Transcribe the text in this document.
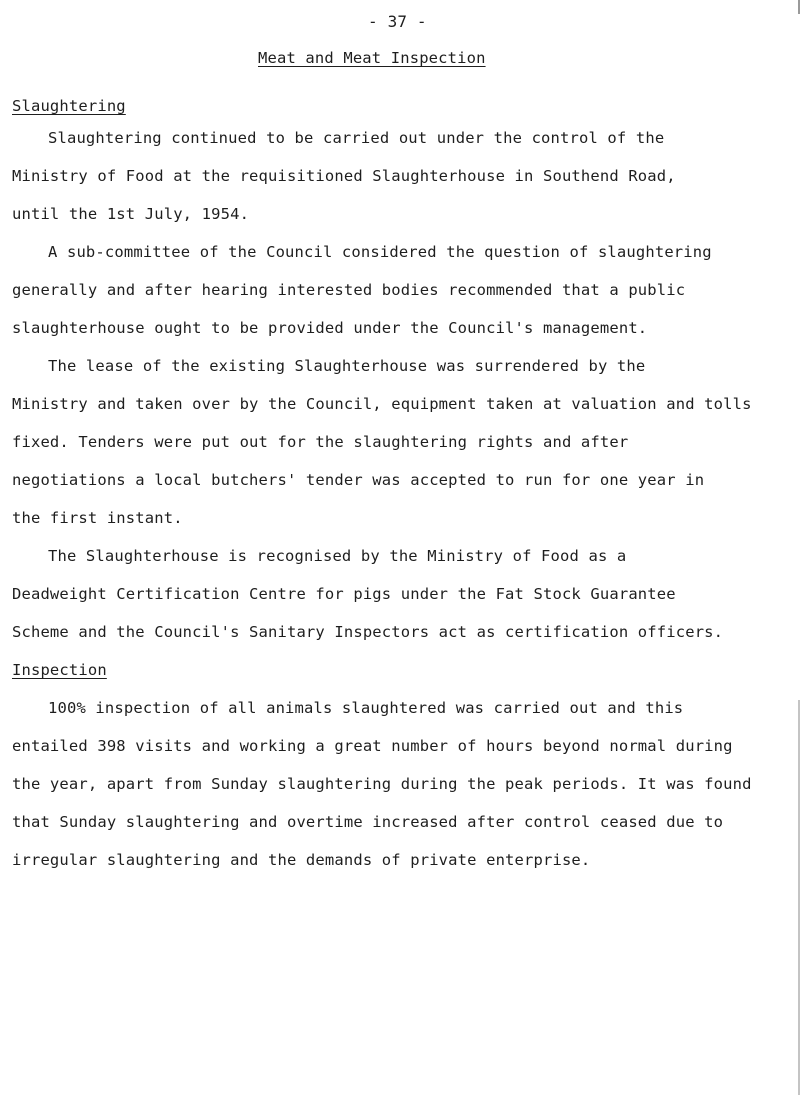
- 37 -
Meat and Meat Inspection
Slaughtering
Slaughtering continued to be carried out under the control of the
Ministry of Food at the requisitioned Slaughterhouse in Southend Road,
until the 1st July, 1954.
A sub-committee of the Council considered the question of slaughtering
generally and after hearing interested bodies recommended that a public
slaughterhouse ought to be provided under the Council's management.
The lease of the existing Slaughterhouse was surrendered by the
Ministry and taken over by the Council, equipment taken at valuation and tolls
fixed. Tenders were put out for the slaughtering rights and after
negotiations a local butchers' tender was accepted to run for one year in
the first instant.
The Slaughterhouse is recognised by the Ministry of Food as a
Deadweight Certification Centre for pigs under the Fat Stock Guarantee
Scheme and the Council's Sanitary Inspectors act as certification officers.
Inspection
100% inspection of all animals slaughtered was carried out and this
entailed 398 visits and working a great number of hours beyond normal during
the year, apart from Sunday slaughtering during the peak periods. It was found
that Sunday slaughtering and overtime increased after control ceased due to
irregular slaughtering and the demands of private enterprise.
